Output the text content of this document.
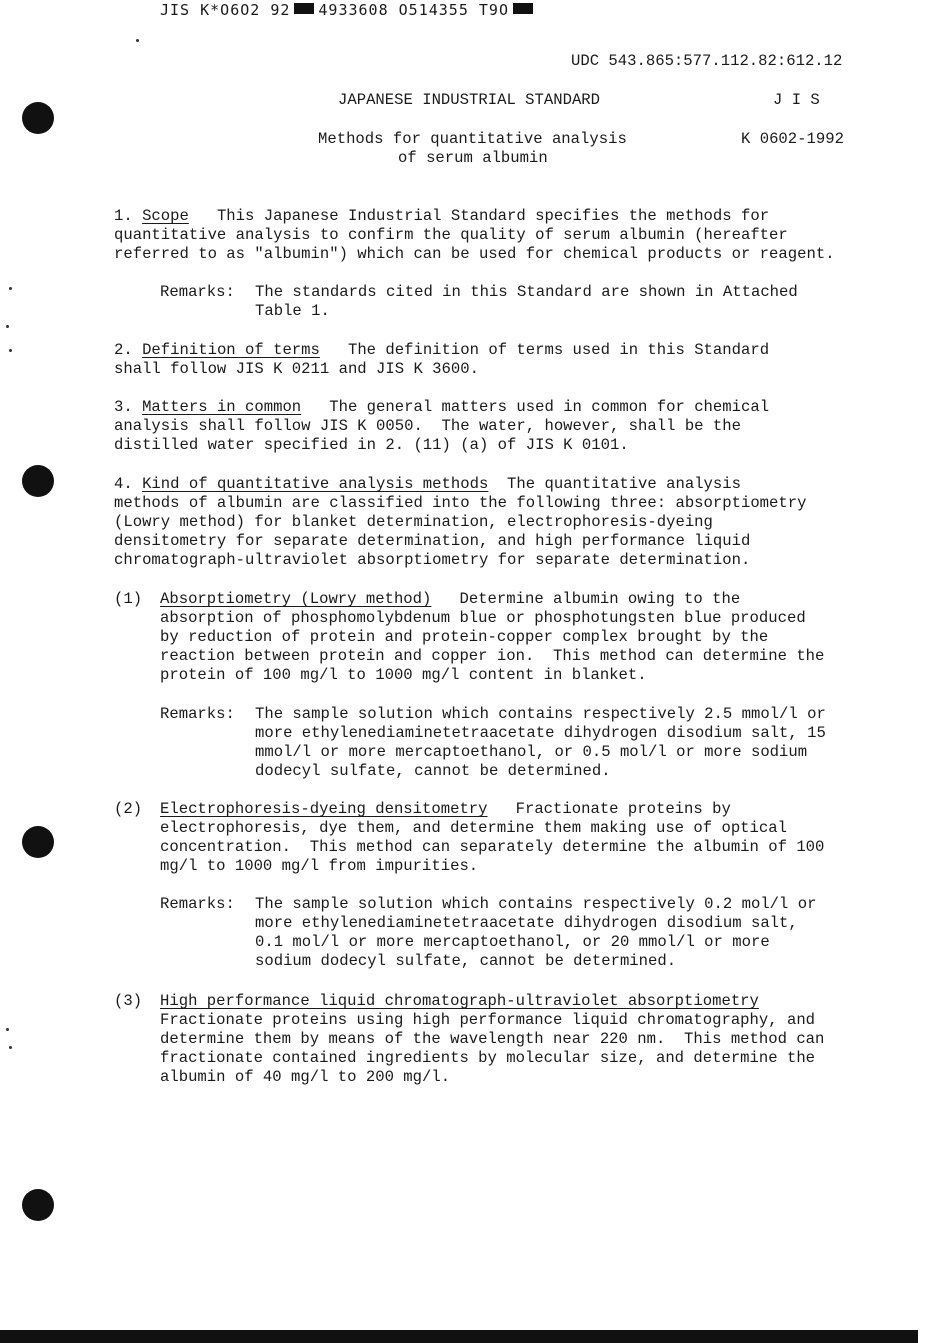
JIS K*O6O2 92 4933608 O514355 T9O
UDC 543.865:577.112.82:612.12
JAPANESE INDUSTRIAL STANDARD	J I S
Methods for quantitative analysis	K 0602-1992
of serum albumin
1. Scope   This Japanese Industrial Standard specifies the methods for
quantitative analysis to confirm the quality of serum albumin (hereafter
referred to as "albumin") which can be used for chemical products or reagent.
Remarks: The standards cited in this Standard are shown in Attached
Table 1.
2. Definition of terms   The definition of terms used in this Standard
shall follow JIS K 0211 and JIS K 3600.
3. Matters in common   The general matters used in common for chemical
analysis shall follow JIS K 0050.  The water, however, shall be the
distilled water specified in 2. (11) (a) of JIS K 0101.
4. Kind of quantitative analysis methods  The quantitative analysis
methods of albumin are classified into the following three: absorptiometry
(Lowry method) for blanket determination, electrophoresis-dyeing
densitometry for separate determination, and high performance liquid
chromatograph-ultraviolet absorptiometry for separate determination.
(1) Absorptiometry (Lowry method)   Determine albumin owing to the
absorption of phosphomolybdenum blue or phosphotungsten blue produced
by reduction of protein and protein-copper complex brought by the
reaction between protein and copper ion.  This method can determine the
protein of 100 mg/l to 1000 mg/l content in blanket.
Remarks: The sample solution which contains respectively 2.5 mmol/l or
more ethylenediaminetetraacetate dihydrogen disodium salt, 15
mmol/l or more mercaptoethanol, or 0.5 mol/l or more sodium
dodecyl sulfate, cannot be determined.
(2) Electrophoresis-dyeing densitometry   Fractionate proteins by
electrophoresis, dye them, and determine them making use of optical
concentration.  This method can separately determine the albumin of 100
mg/l to 1000 mg/l from impurities.
Remarks: The sample solution which contains respectively 0.2 mol/l or
more ethylenediaminetetraacetate dihydrogen disodium salt,
0.1 mol/l or more mercaptoethanol, or 20 mmol/l or more
sodium dodecyl sulfate, cannot be determined.
(3) High performance liquid chromatograph-ultraviolet absorptiometry
Fractionate proteins using high performance liquid chromatography, and
determine them by means of the wavelength near 220 nm.  This method can
fractionate contained ingredients by molecular size, and determine the
albumin of 40 mg/l to 200 mg/l.
